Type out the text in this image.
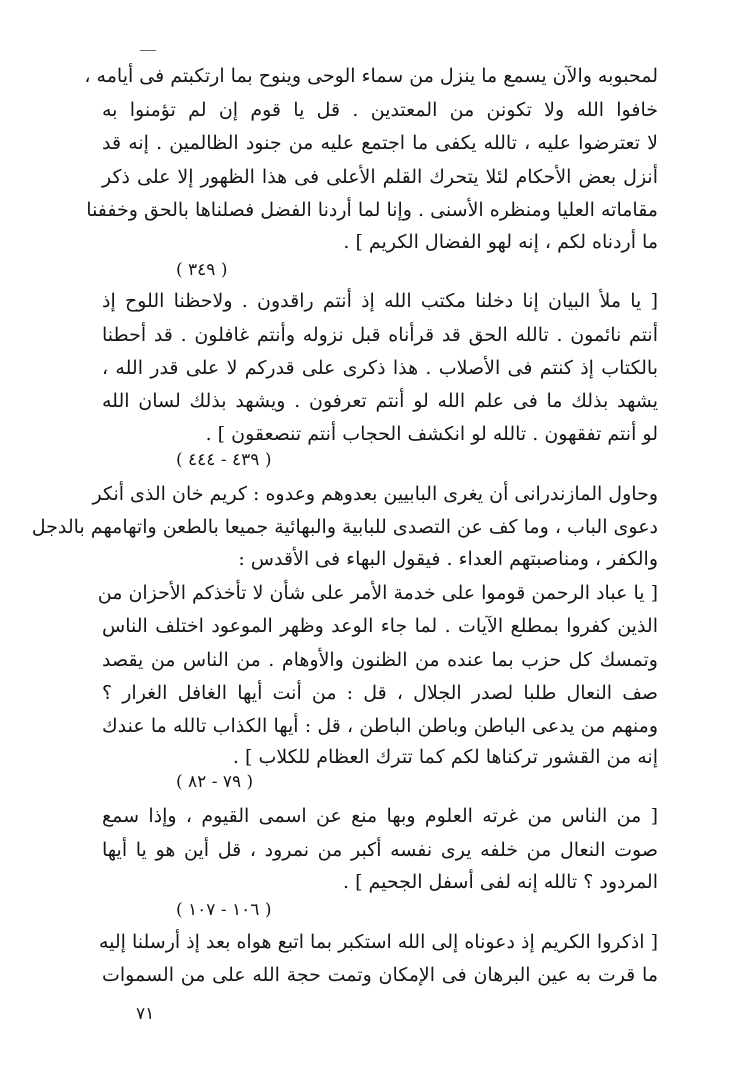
لمحبوبه والآن يسمع ما ينزل من سماء الوحى وينوح بما ارتكبتم فى أيامه ،
خافوا الله ولا تكونن من المعتدين . قل يا قوم إن لم تؤمنوا به
لا تعترضوا عليه ، تالله يكفى ما اجتمع عليه من جنود الظالمين . إنه قد
أنزل بعض الأحكام لئلا يتحرك القلم الأعلى فى هذا الظهور إلا على ذكر
مقاماته العليا ومنظره الأسنى . وإنا لما أردنا الفضل فصلناها بالحق وخففنا
ما أردناه لكم ، إنه لهو الفضال الكريم ] .
( ٣٤٩ )
[ يا ملأ البيان إنا دخلنا مكتب الله إذ أنتم راقدون . ولاحظنا اللوح إذ
أنتم نائمون . تالله الحق قد قرأناه قبل نزوله وأنتم غافلون . قد أحطنا
بالكتاب إذ كنتم فى الأصلاب . هذا ذكرى على قدركم لا على قدر الله ،
يشهد بذلك ما فى علم الله لو أنتم تعرفون . ويشهد بذلك لسان الله
لو أنتم تفقهون . تالله لو انكشف الحجاب أنتم تنصعقون ] .
( ٤٣٩ - ٤٤٤ )
وحاول المازندرانى أن يغرى البابيين بعدوهم وعدوه : كريم خان الذى أنكر
دعوى الباب ، وما كف عن التصدى للبابية والبهائية جميعا بالطعن واتهامهم بالدجل
والكفر ، ومناصبتهم العداء . فيقول البهاء فى الأقدس :
[ يا عباد الرحمن قوموا على خدمة الأمر على شأن لا تأخذكم الأحزان من
الذين كفروا بمطلع الآيات . لما جاء الوعد وظهر الموعود اختلف الناس
وتمسك كل حزب بما عنده من الظنون والأوهام . من الناس من يقصد
صف النعال طلبا لصدر الجلال ، قل : من أنت أيها الغافل الغرار ؟
ومنهم من يدعى الباطن وباطن الباطن ، قل : أيها الكذاب تالله ما عندك
إنه من القشور تركناها لكم كما تترك العظام للكلاب ] .
( ٧٩ - ٨٢ )
[ من الناس من غرته العلوم وبها منع عن اسمى القيوم ، وإذا سمع
صوت النعال من خلفه يرى نفسه أكبر من نمرود ، قل أين هو يا أيها
المردود ؟ تالله إنه لفى أسفل الجحيم ] .
( ١٠٦ - ١٠٧ )
[ اذكروا الكريم إذ دعوناه إلى الله استكبر بما اتبع هواه بعد إذ أرسلنا إليه
ما قرت به عين البرهان فى الإمكان وتمت حجة الله على من السموات
٧١
